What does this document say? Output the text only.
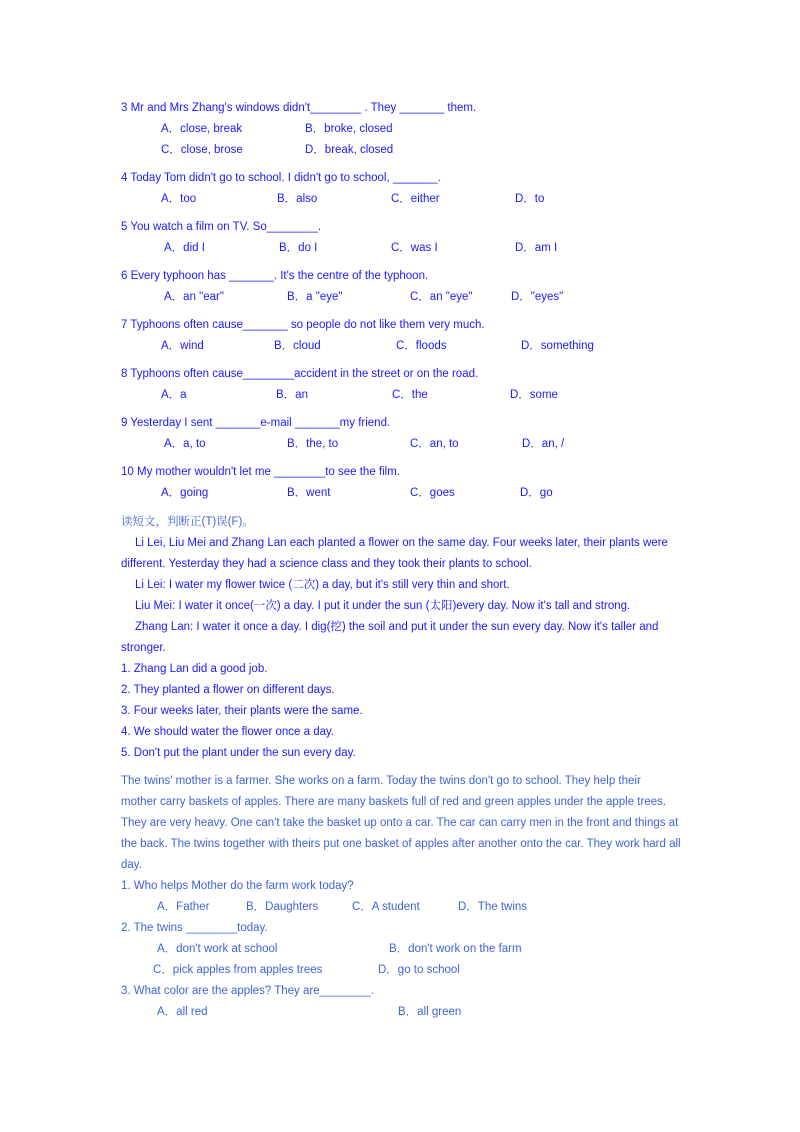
3 Mr and Mrs Zhang's windows didn't________ . They _______ them.
A．close, break	B．broke, closed
C．close, brose	D．break, closed
4 Today Tom didn't go to school. I didn't go to school, _______.
A．too	B．also	C．either	D．to
5 You watch a film on TV. So________.
A．did I	B．do I	C．was I	D．am I
6 Every typhoon has _______. It's the centre of the typhoon.
A．an "ear"	B．a "eye"	C．an "eye"	D．"eyes"
7 Typhoons often cause_______ so people do not like them very much.
A．wind	B．cloud	C．floods	D．something
8 Typhoons often cause________accident in the street or on the road.
A．a	B．an	C．the	D．some
9 Yesterday I sent _______e-mail _______my friend.
A．a, to	B．the, to	C．an, to	D．an, /
10 My mother wouldn't let me ________to see the film.
A．going	B．went	C．goes	D．go
读短文，判断正(T)误(F)。
Li Lei, Liu Mei and Zhang Lan each planted a flower on the same day. Four weeks later, their plants were
different. Yesterday they had a science class and they took their plants to school.
Li Lei: I water my flower twice (二次) a day, but it's still very thin and short.
Liu Mei: I water it once(一次) a day. I put it under the sun (太阳)every day. Now it's tall and strong.
Zhang Lan: I water it once a day. I dig(挖) the soil and put it under the sun every day. Now it's taller and
stronger.
1. Zhang Lan did a good job.
2. They planted a flower on different days.
3. Four weeks later, their plants were the same.
4. We should water the flower once a day.
5. Don't put the plant under the sun every day.
The twins' mother is a farmer. She works on a farm. Today the twins don't go to school. They help their
mother carry baskets of apples. There are many baskets full of red and green apples under the apple trees.
They are very heavy. One can't take the basket up onto a car. The car can carry men in the front and things at
the back. The twins together with theirs put one basket of apples after another onto the car. They work hard all
day.
1. Who helps Mother do the farm work today?
A．Father	B．Daughters	C．A student	D．The twins
2. The twins ________today.
A．don't work at school	B．don't work on the farm
C．pick apples from apples trees	D．go to school
3. What color are the apples? They are________.
A．all red	B．all green
